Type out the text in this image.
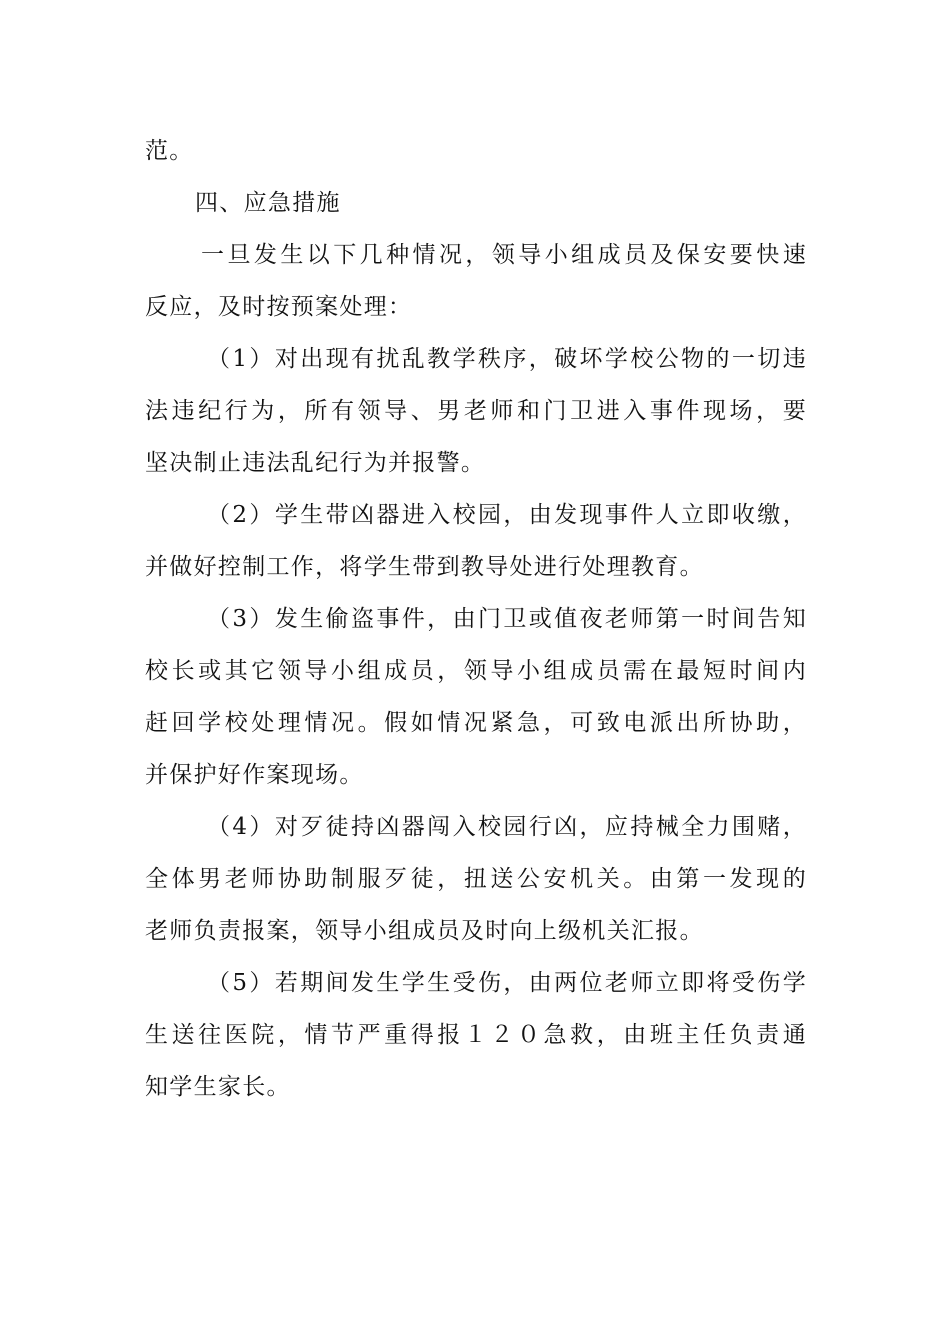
范。
四、应急措施
一旦发生以下几种情况，领导小组成员及保安要快速
反应，及时按预案处理：
（1）对出现有扰乱教学秩序，破坏学校公物的一切违
法违纪行为，所有领导、男老师和门卫进入事件现场，要
坚决制止违法乱纪行为并报警。
（2）学生带凶器进入校园，由发现事件人立即收缴，
并做好控制工作，将学生带到教导处进行处理教育。
（3）发生偷盗事件，由门卫或值夜老师第一时间告知
校长或其它领导小组成员，领导小组成员需在最短时间内
赶回学校处理情况。假如情况紧急，可致电派出所协助，
并保护好作案现场。
（4）对歹徒持凶器闯入校园行凶，应持械全力围赌，
全体男老师协助制服歹徒，扭送公安机关。由第一发现的
老师负责报案，领导小组成员及时向上级机关汇报。
（5）若期间发生学生受伤，由两位老师立即将受伤学
生送往医院，情节严重得报１２０急救，由班主任负责通
知学生家长。
